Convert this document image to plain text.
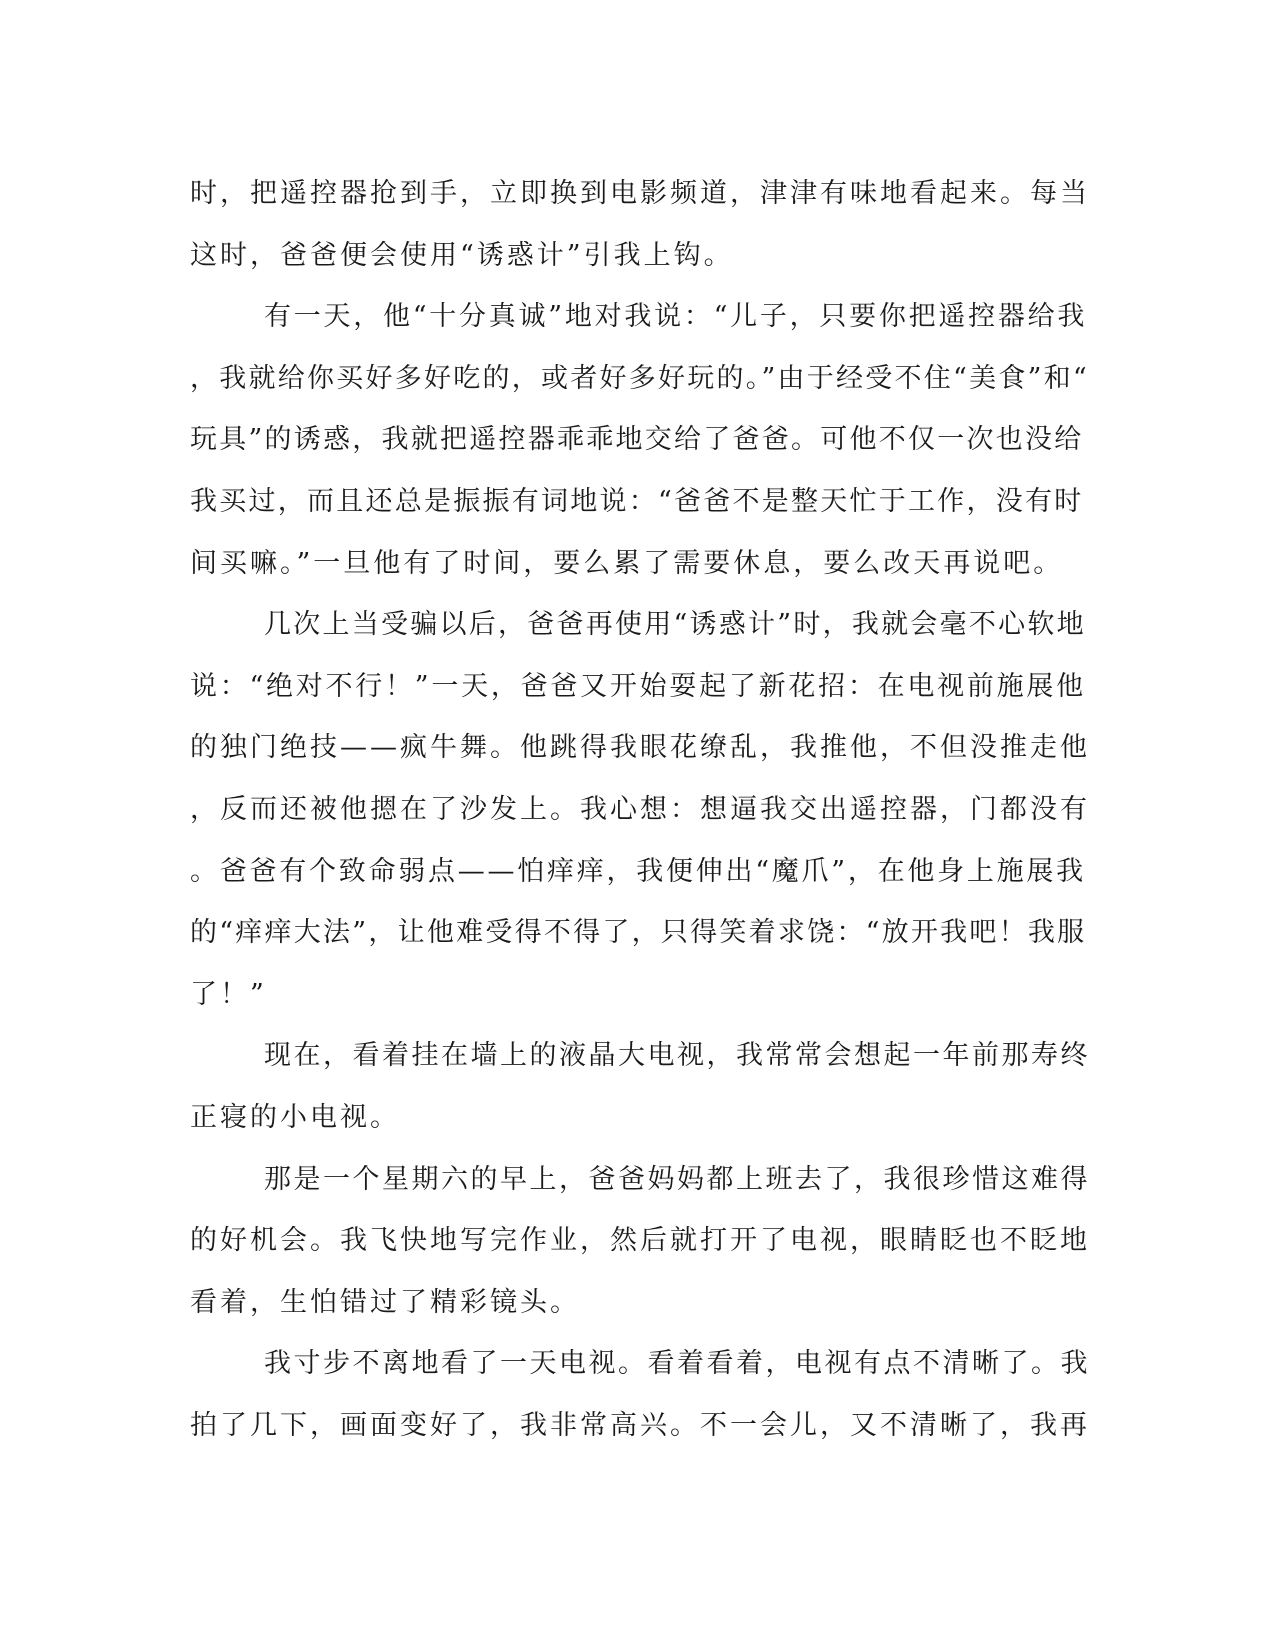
时，把遥控器抢到手，立即换到电影频道，津津有味地看起来。每当
这时，爸爸便会使用“诱惑计”引我上钩。
有一天，他“十分真诚”地对我说：“儿子，只要你把遥控器给我
，我就给你买好多好吃的，或者好多好玩的。”由于经受不住“美食”和“
玩具”的诱惑，我就把遥控器乖乖地交给了爸爸。可他不仅一次也没给
我买过，而且还总是振振有词地说：“爸爸不是整天忙于工作，没有时
间买嘛。”一旦他有了时间，要么累了需要休息，要么改天再说吧。
几次上当受骗以后，爸爸再使用“诱惑计”时，我就会毫不心软地
说：“绝对不行！”一天，爸爸又开始耍起了新花招：在电视前施展他
的独门绝技——疯牛舞。他跳得我眼花缭乱，我推他，不但没推走他
，反而还被他摁在了沙发上。我心想：想逼我交出遥控器，门都没有
。爸爸有个致命弱点——怕痒痒，我便伸出“魔爪”，在他身上施展我
的“痒痒大法”，让他难受得不得了，只得笑着求饶：“放开我吧！我服
了！”
现在，看着挂在墙上的液晶大电视，我常常会想起一年前那寿终
正寝的小电视。
那是一个星期六的早上，爸爸妈妈都上班去了，我很珍惜这难得
的好机会。我飞快地写完作业，然后就打开了电视，眼睛眨也不眨地
看着，生怕错过了精彩镜头。
我寸步不离地看了一天电视。看着看着，电视有点不清晰了。我
拍了几下，画面变好了，我非常高兴。不一会儿，又不清晰了，我再
